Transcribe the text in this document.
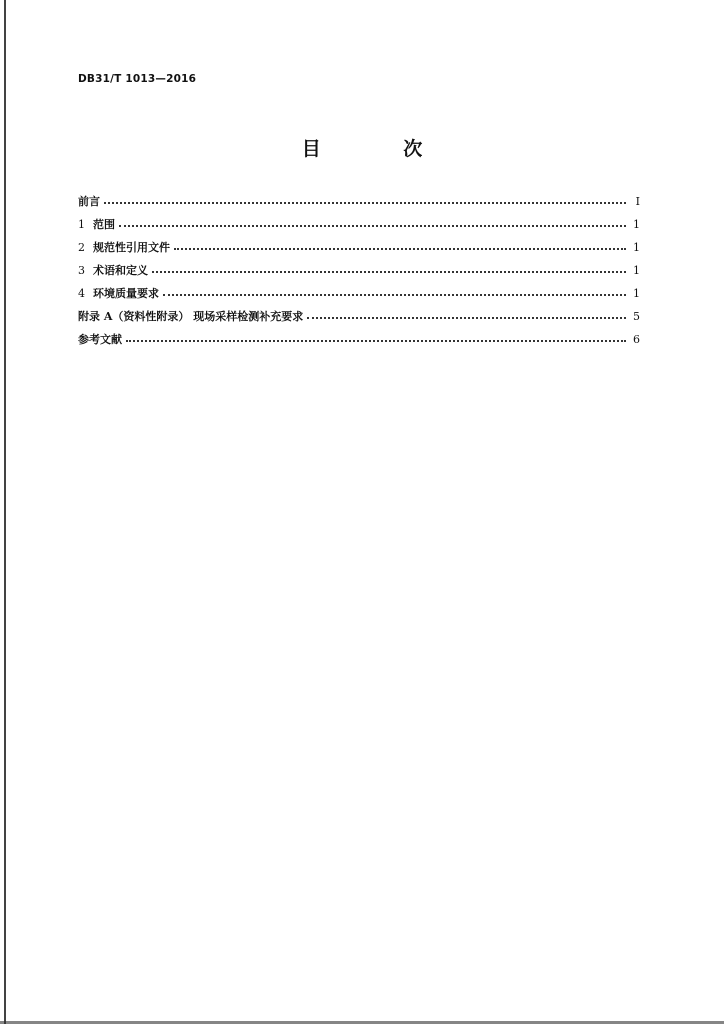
DB31/T 1013—2016
目 次
前言	I
1 范围	1
2 规范性引用文件	1
3 术语和定义	1
4 环境质量要求	1
附录 A（资料性附录） 现场采样检测补充要求	5
参考文献	6
